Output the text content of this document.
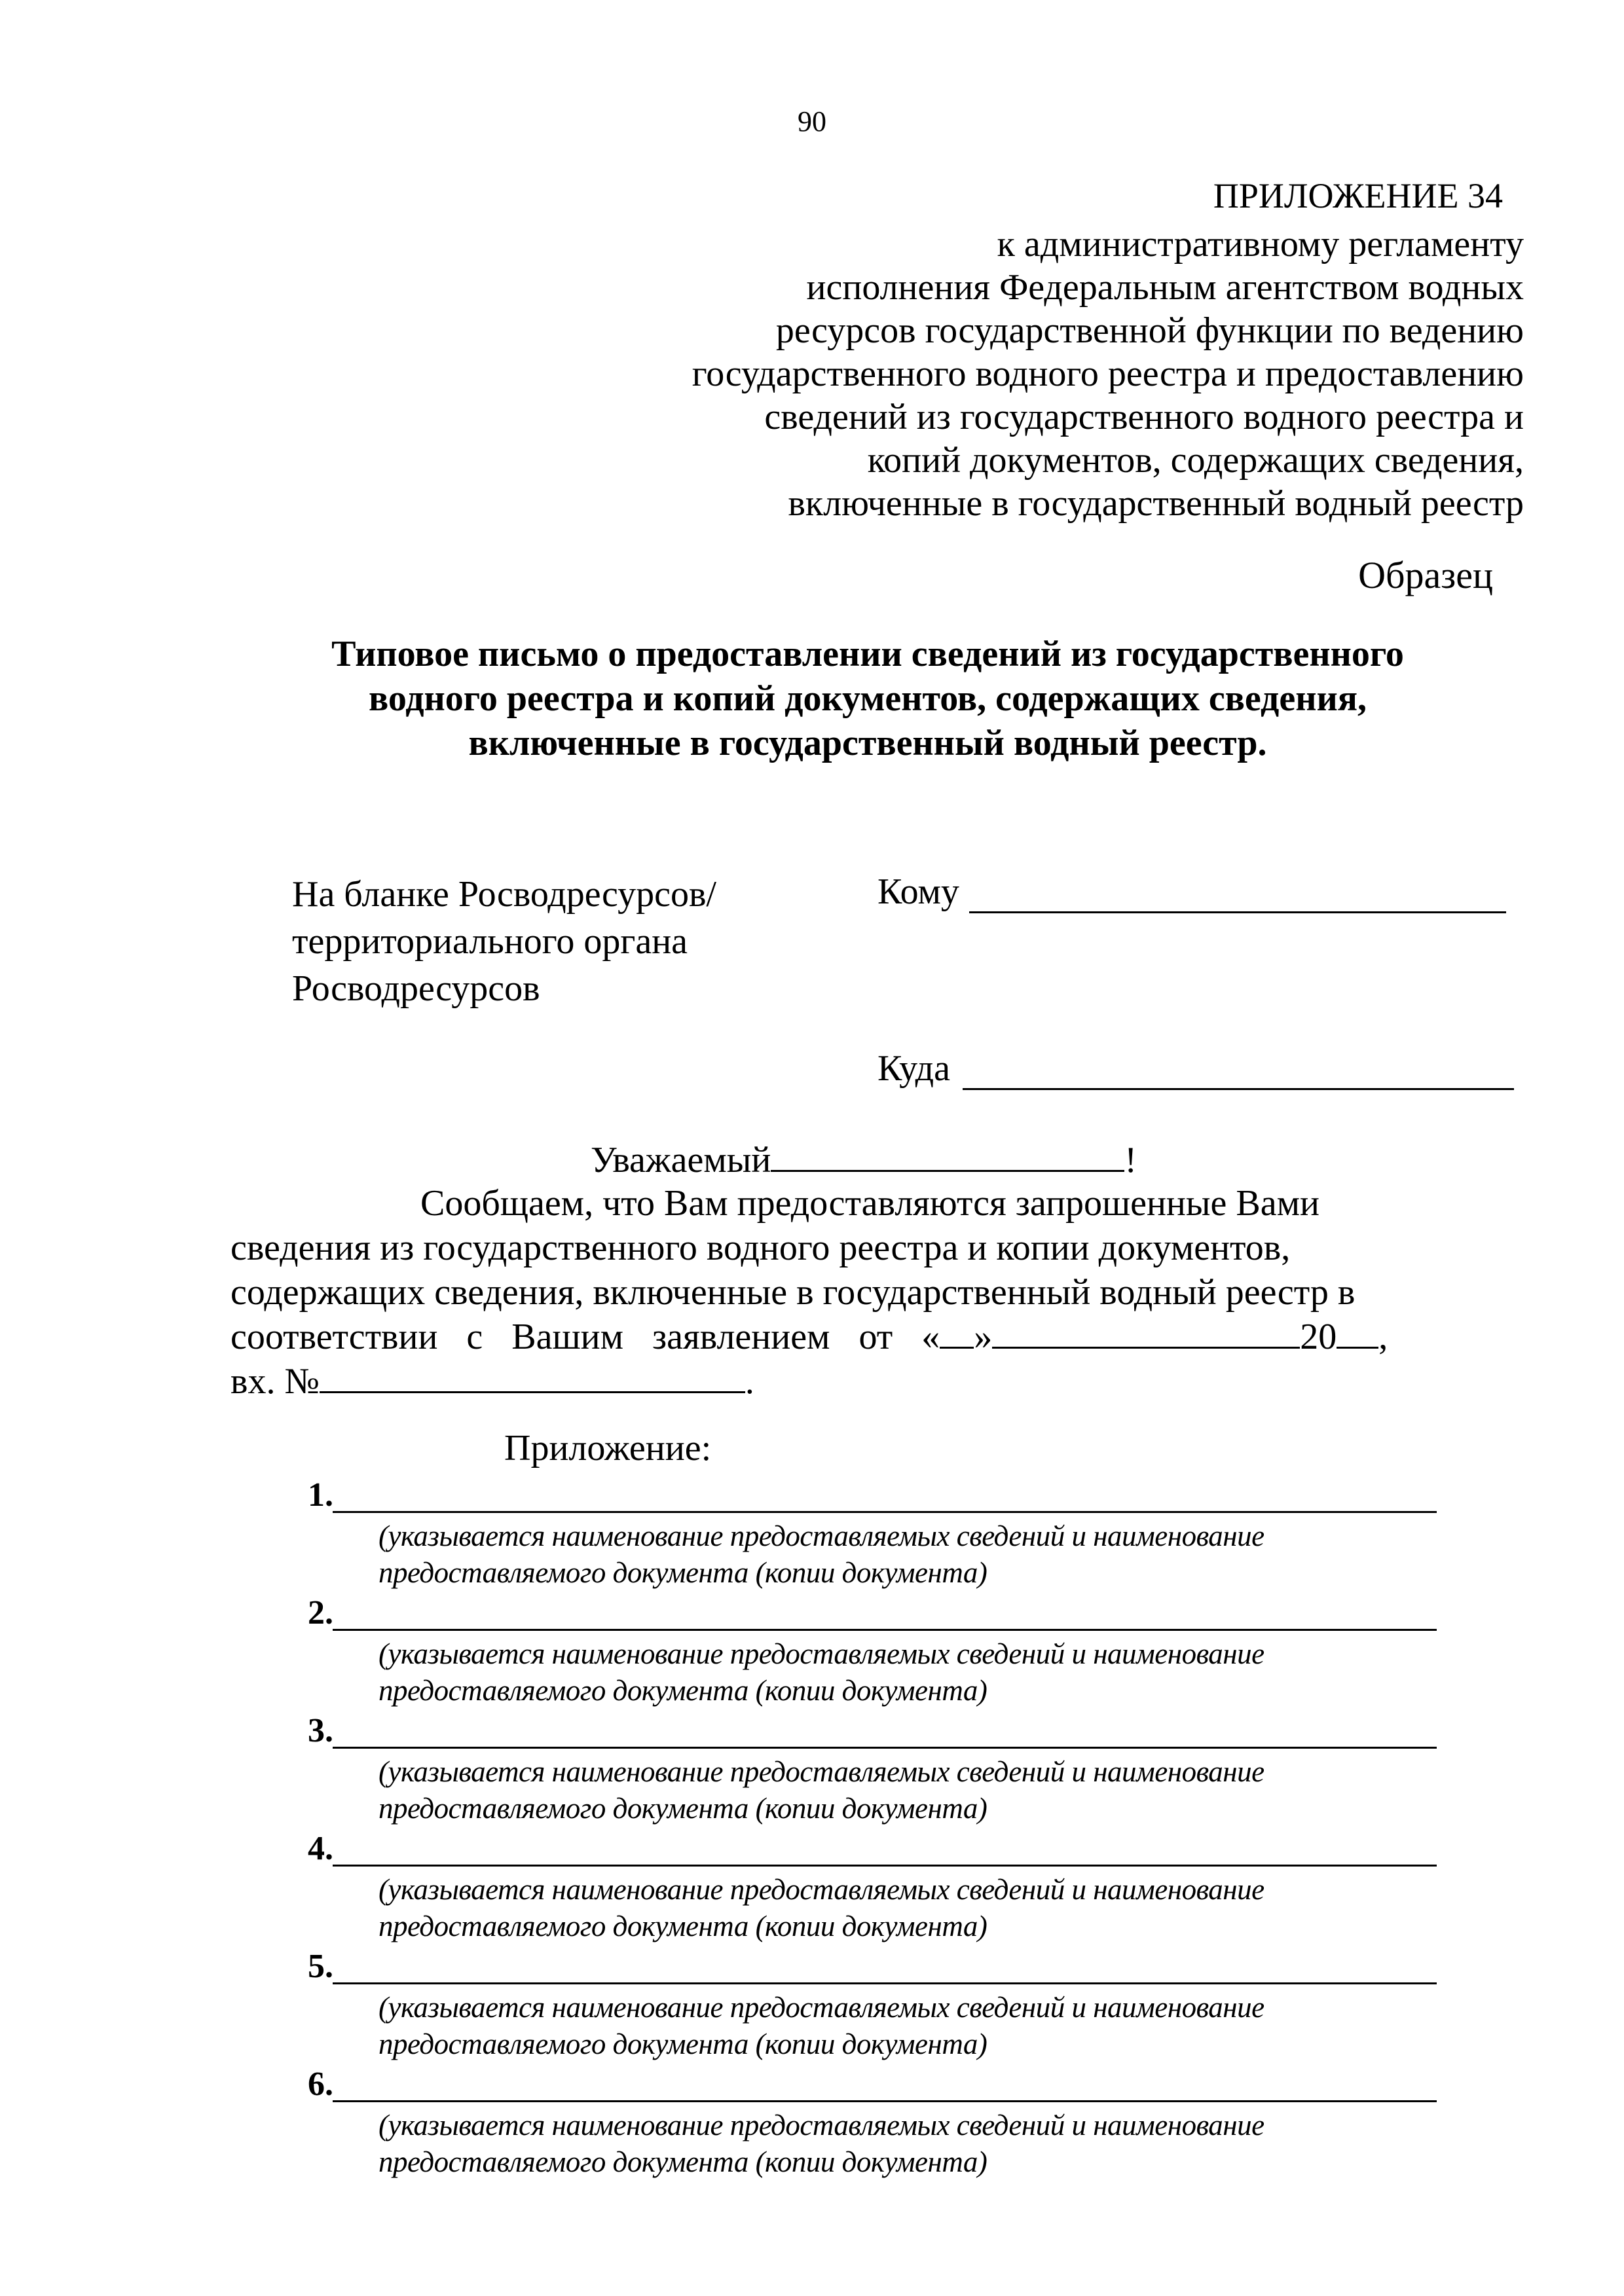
90
ПРИЛОЖЕНИЕ 34
к административному регламенту
исполнения Федеральным агентством водных
ресурсов государственной функции по ведению
государственного водного реестра и предоставлению
сведений из государственного водного реестра и
копий документов, содержащих сведения,
включенные в государственный водный реестр
Образец
Типовое письмо о предоставлении сведений из государственного
водного реестра и копий документов, содержащих сведения,
включенные в государственный водный реестр.
На бланке Росводресурсов/
территориального органа
Росводресурсов
Кому
Куда
Уважаемый	!

Сообщаем, что Вам предоставляются запрошенные Вами

сведения из государственного водного реестра и копии документов,

содержащих сведения, включенные в государственный водный реестр в

соответствии с Вашим заявлением от « »	20 ,

вх. №	.

Приложение:
1.
(указывается наименование предоставляемых сведений и наименование
предоставляемого документа (копии документа)
2.
(указывается наименование предоставляемых сведений и наименование
предоставляемого документа (копии документа)
3.
(указывается наименование предоставляемых сведений и наименование
предоставляемого документа (копии документа)
4.
(указывается наименование предоставляемых сведений и наименование
предоставляемого документа (копии документа)
5.
(указывается наименование предоставляемых сведений и наименование
предоставляемого документа (копии документа)
6.
(указывается наименование предоставляемых сведений и наименование
предоставляемого документа (копии документа)
